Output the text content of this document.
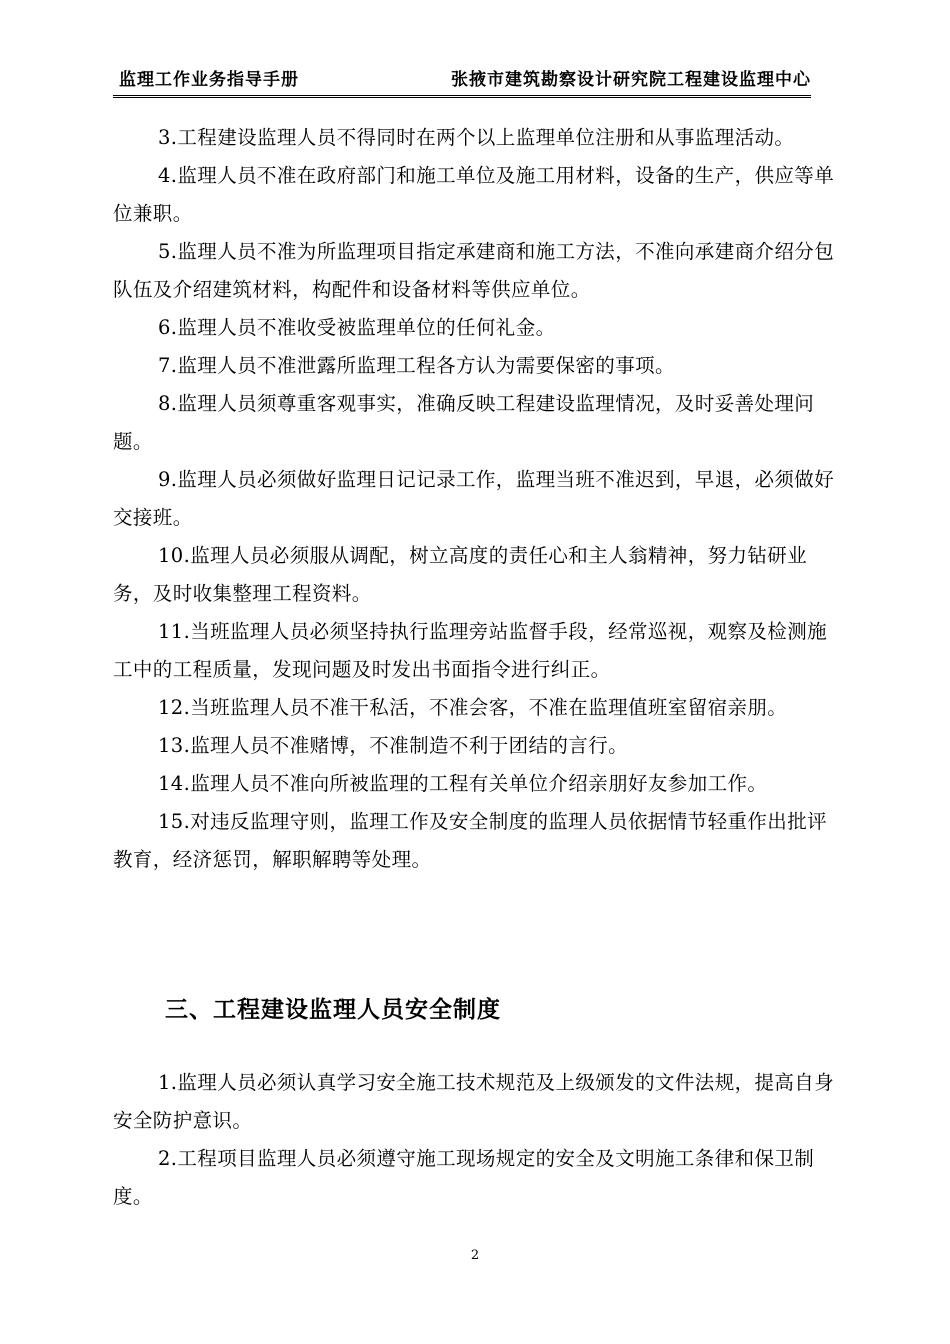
监理工作业务指导手册	张掖市建筑勘察设计研究院工程建设监理中心

3.工程建设监理人员不得同时在两个以上监理单位注册和从事监理活动。

4.监理人员不准在政府部门和施工单位及施工用材料，设备的生产，供应等单位兼职。

5.监理人员不准为所监理项目指定承建商和施工方法，不准向承建商介绍分包队伍及介绍建筑材料，构配件和设备材料等供应单位。

6.监理人员不准收受被监理单位的任何礼金。

7.监理人员不准泄露所监理工程各方认为需要保密的事项。

8.监理人员须尊重客观事实，准确反映工程建设监理情况，及时妥善处理问题。

9.监理人员必须做好监理日记记录工作，监理当班不准迟到，早退，必须做好交接班。

10.监理人员必须服从调配，树立高度的责任心和主人翁精神，努力钻研业务，及时收集整理工程资料。

11.当班监理人员必须坚持执行监理旁站监督手段，经常巡视，观察及检测施工中的工程质量，发现问题及时发出书面指令进行纠正。

12.当班监理人员不准干私活，不准会客，不准在监理值班室留宿亲朋。

13.监理人员不准赌博，不准制造不利于团结的言行。

14.监理人员不准向所被监理的工程有关单位介绍亲朋好友参加工作。

15.对违反监理守则，监理工作及安全制度的监理人员依据情节轻重作出批评教育，经济惩罚，解职解聘等处理。

三、工程建设监理人员安全制度

1.监理人员必须认真学习安全施工技术规范及上级颁发的文件法规，提高自身安全防护意识。

2.工程项目监理人员必须遵守施工现场规定的安全及文明施工条律和保卫制度。

2
